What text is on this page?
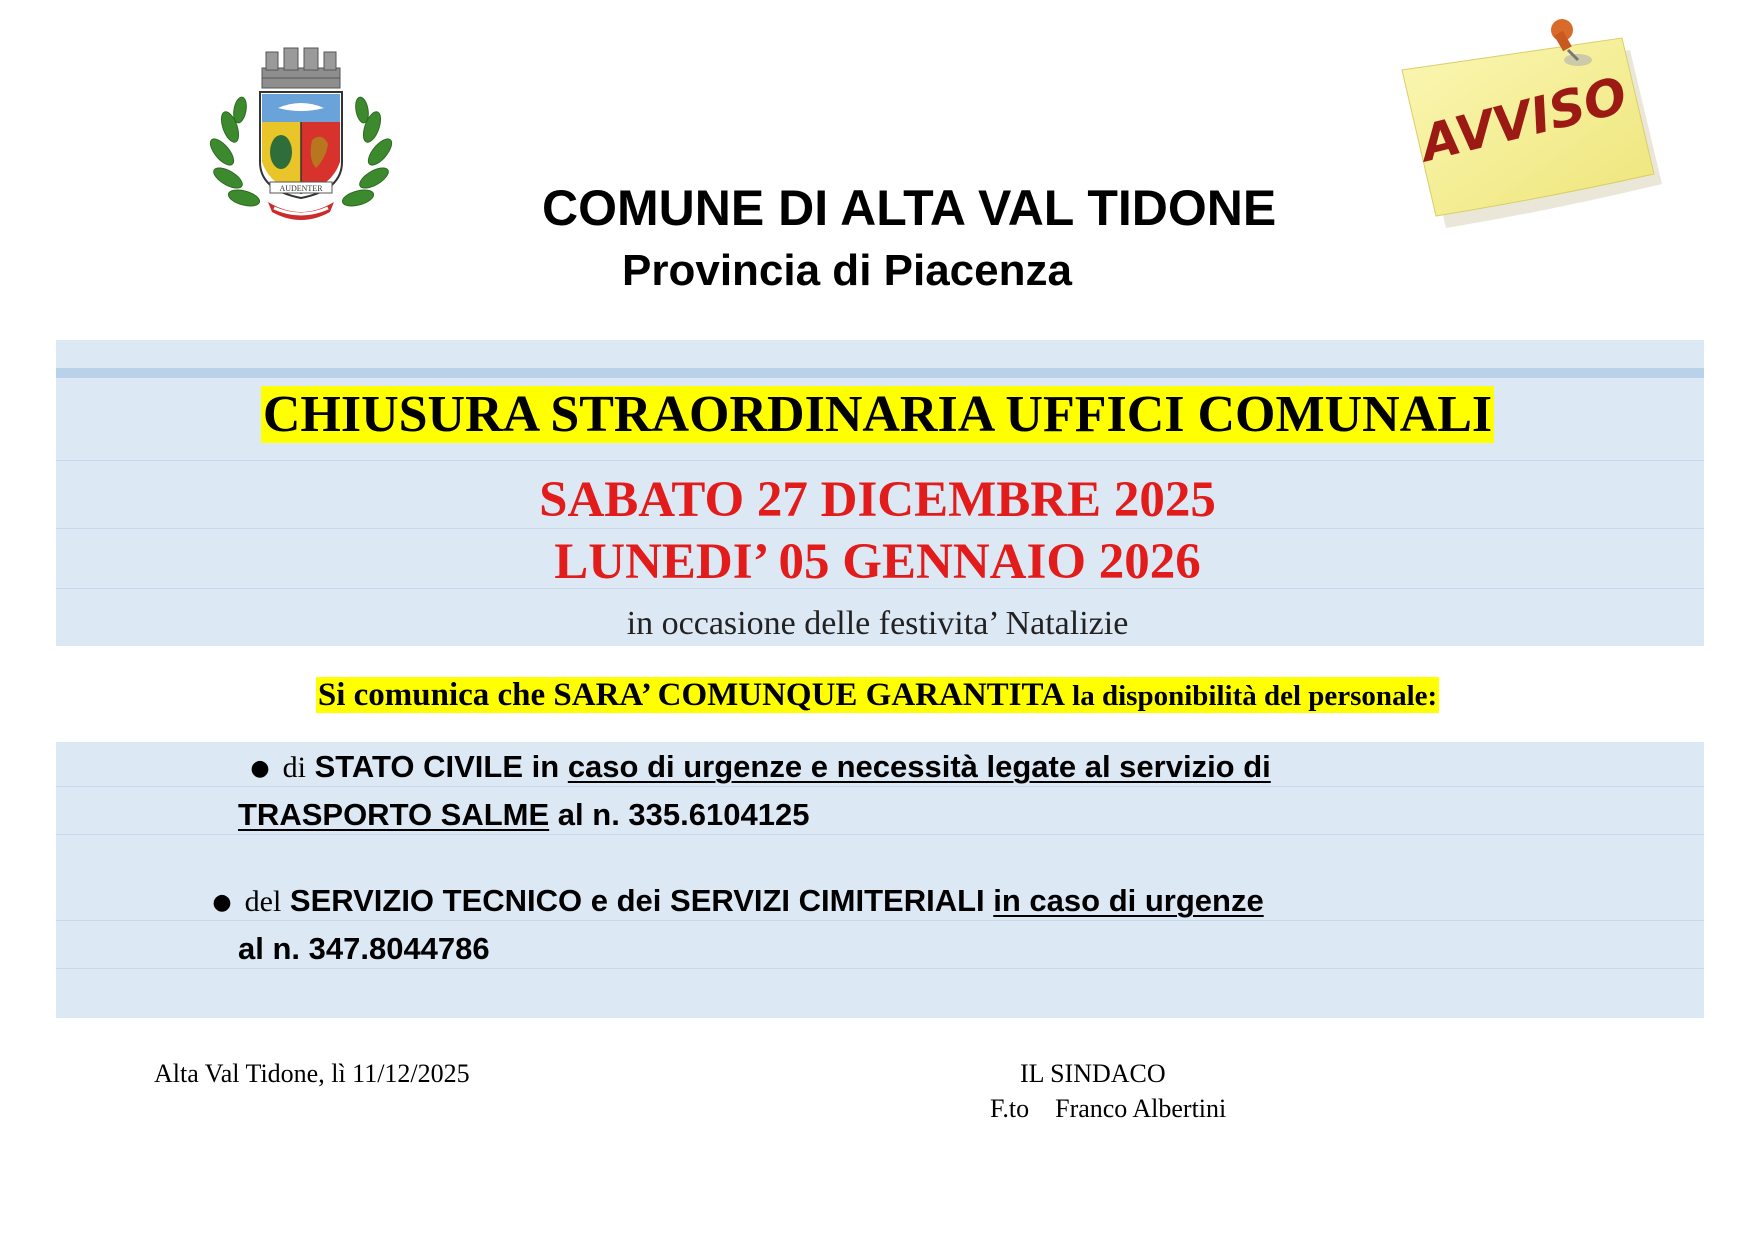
AUDENTER	COMUNE DI ALTA VAL TIDONE
Provincia di Piacenza
AVVISO
CHIUSURA STRAORDINARIA UFFICI COMUNALI
SABATO 27 DICEMBRE 2025
LUNEDI’ 05 GENNAIO 2026
in occasione delle festivita’ Natalizie
Si comunica che SARA’ COMUNQUE GARANTITA la disponibilità del personale:
● di STATO CIVILE in caso di urgenze e necessità legate al servizio di
TRASPORTO SALME al n. 335.6104125
● del SERVIZIO TECNICO e dei SERVIZI CIMITERIALI in caso di urgenze
al n. 347.8044786
Alta Val Tidone, lì 11/12/2025	IL SINDACO
F.to Franco Albertini
